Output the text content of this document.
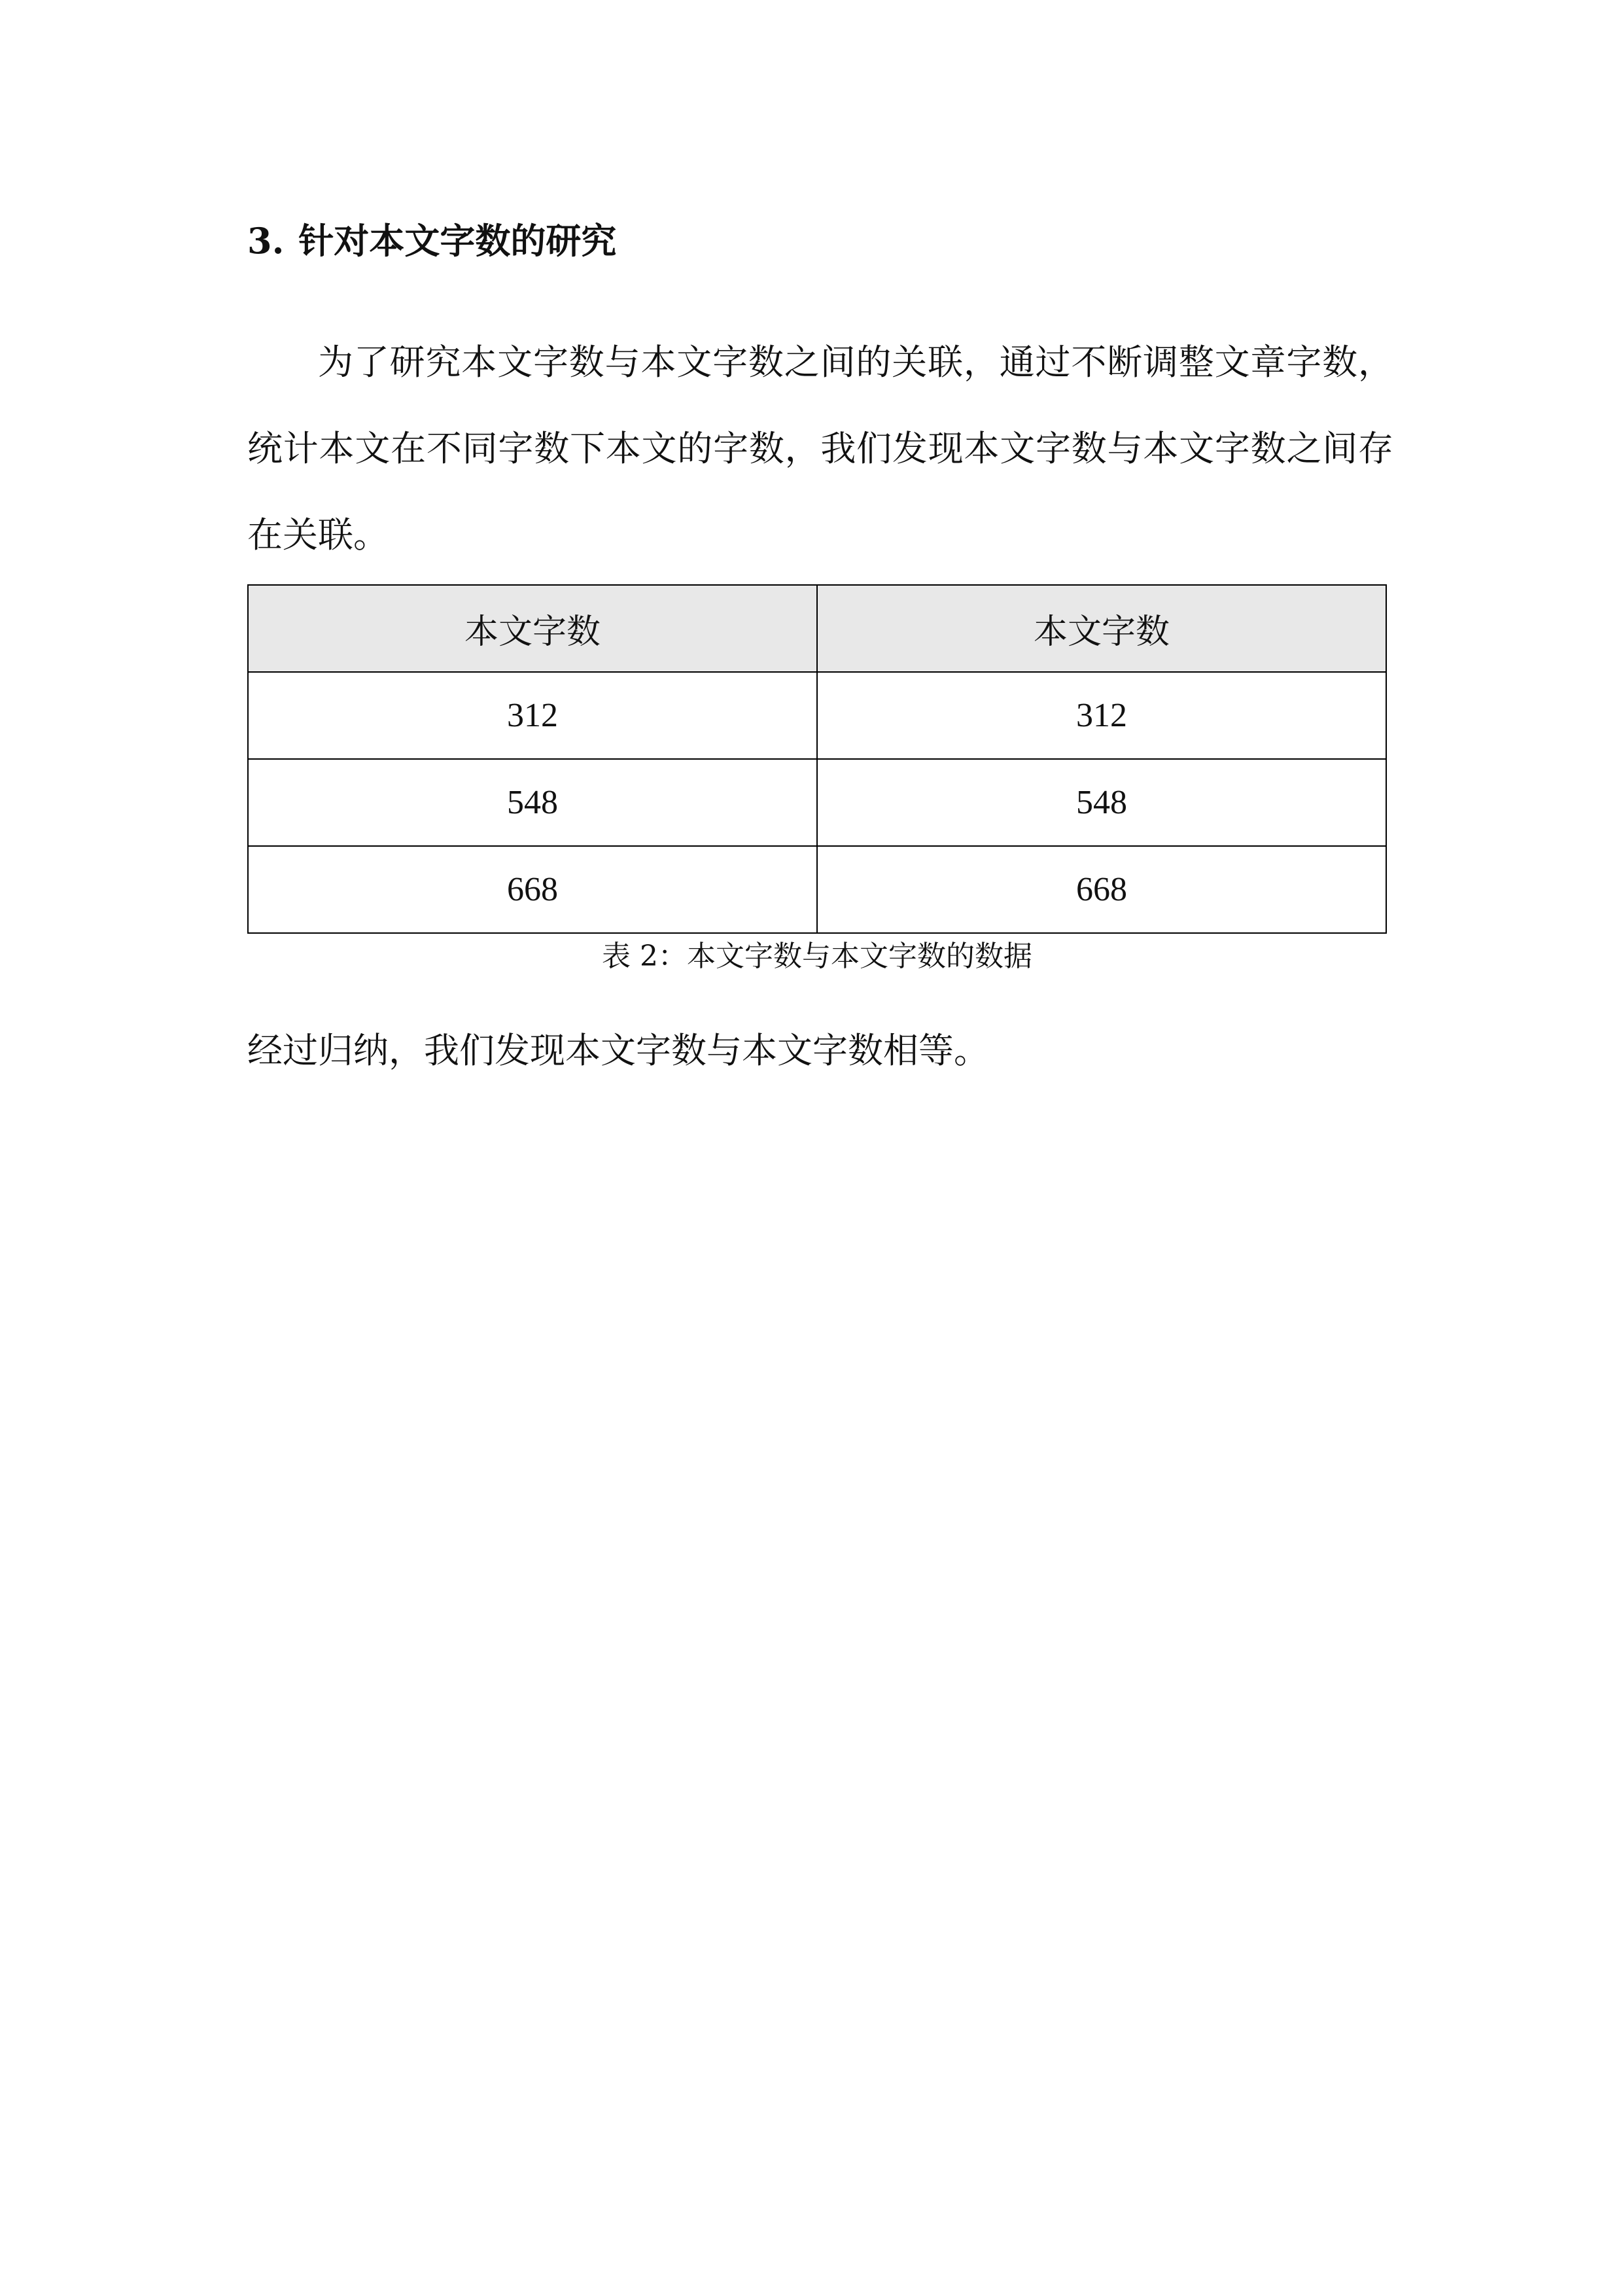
3. 针对本文字数的研究
为了研究本文字数与本文字数之间的关联，通过不断调整文章字数，统计本文在不同字数下本文的字数，我们发现本文字数与本文字数之间存在关联。
本文字数	本文字数
312	312
548	548
668	668
表 2：本文字数与本文字数的数据
经过归纳，我们发现本文字数与本文字数相等。
